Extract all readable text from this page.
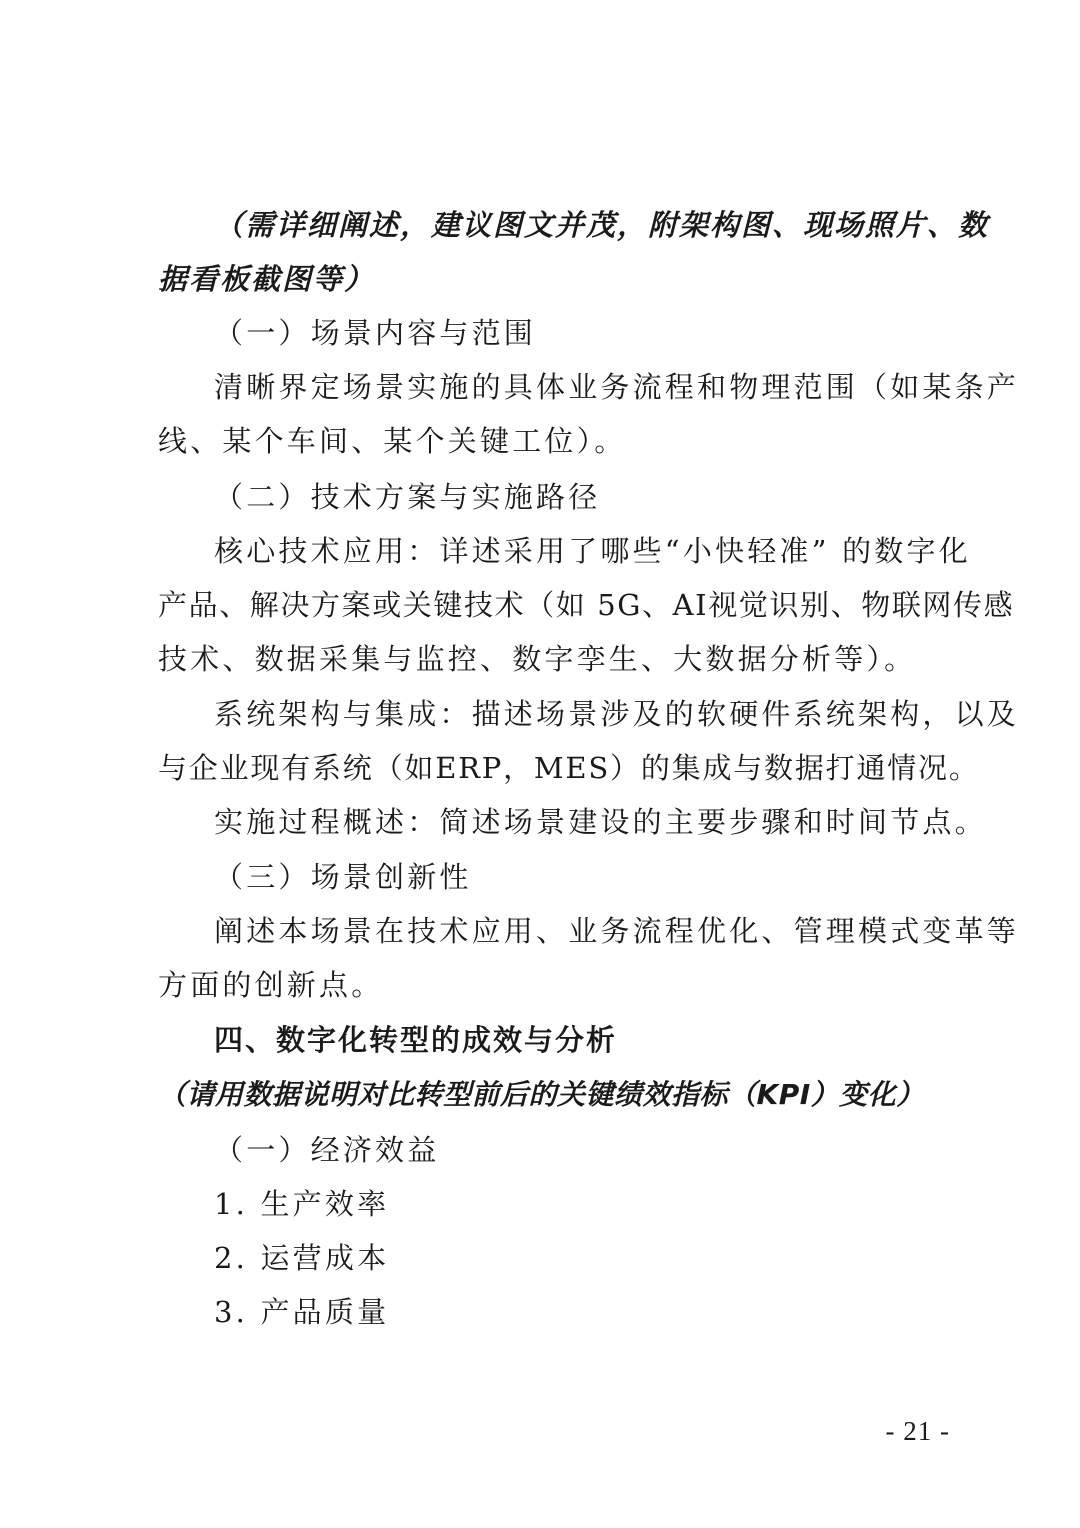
（需详细阐述，建议图文并茂，附架构图、现场照片、数
据看板截图等）
（一）场景内容与范围
清晰界定场景实施的具体业务流程和物理范围（如某条产
线、某个车间、某个关键工位）。
（二）技术方案与实施路径
核心技术应用：详述采用了哪些“小快轻准” 的数字化
产品、解决方案或关键技术（如 5G、AI视觉识别、物联网传感
技术、数据采集与监控、数字孪生、大数据分析等）。
系统架构与集成：描述场景涉及的软硬件系统架构，以及
与企业现有系统（如ERP，MES）的集成与数据打通情况。
实施过程概述：简述场景建设的主要步骤和时间节点。
（三）场景创新性
阐述本场景在技术应用、业务流程优化、管理模式变革等
方面的创新点。
四、数字化转型的成效与分析
（请用数据说明对比转型前后的关键绩效指标（KPI）变化）
（一）经济效益
1. 生产效率
2. 运营成本
3. 产品质量
- 21 -
